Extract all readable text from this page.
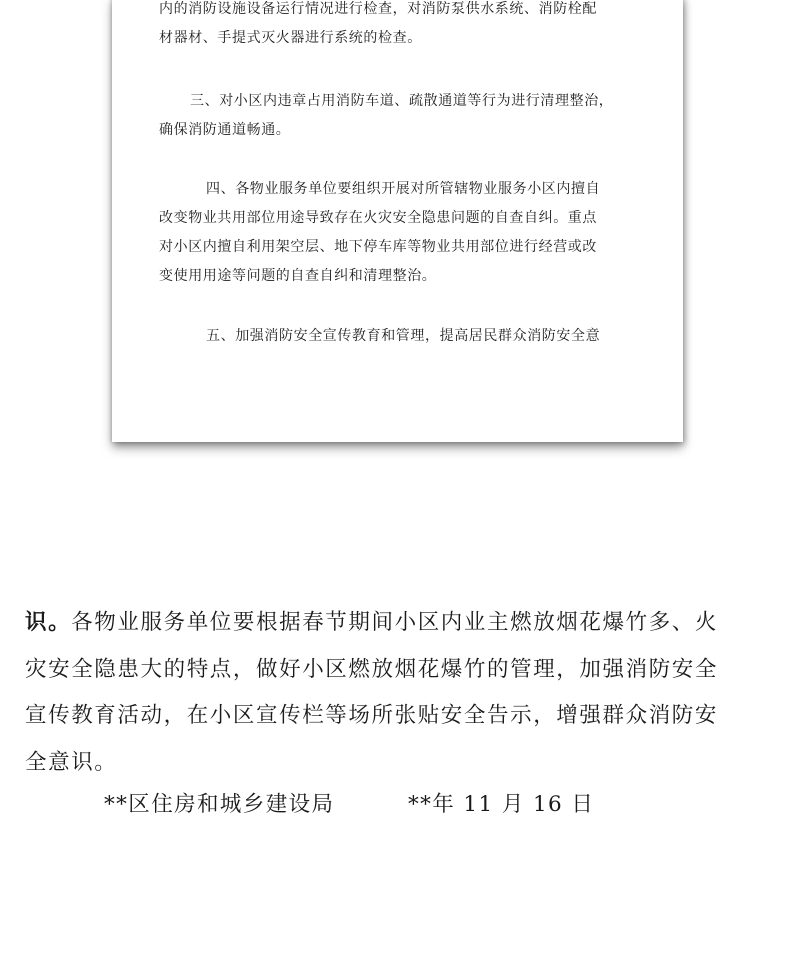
内的消防设施设备运行情况进行检查，对消防泵供水系统、消防栓配
材器材、手提式灭火器进行系统的检查。
三、对小区内违章占用消防车道、疏散通道等行为进行清理整治，
确保消防通道畅通。
四、各物业服务单位要组织开展对所管辖物业服务小区内擅自
改变物业共用部位用途导致存在火灾安全隐患问题的自查自纠。重点
对小区内擅自利用架空层、地下停车库等物业共用部位进行经营或改
变使用用途等问题的自查自纠和清理整治。
五、加强消防安全宣传教育和管理，提高居民群众消防安全意
识。各物业服务单位要根据春节期间小区内业主燃放烟花爆竹多、火
灾安全隐患大的特点，做好小区燃放烟花爆竹的管理，加强消防安全
宣传教育活动，在小区宣传栏等场所张贴安全告示，增强群众消防安
全意识。
**区住房和城乡建设局	**年 11 月 16 日
